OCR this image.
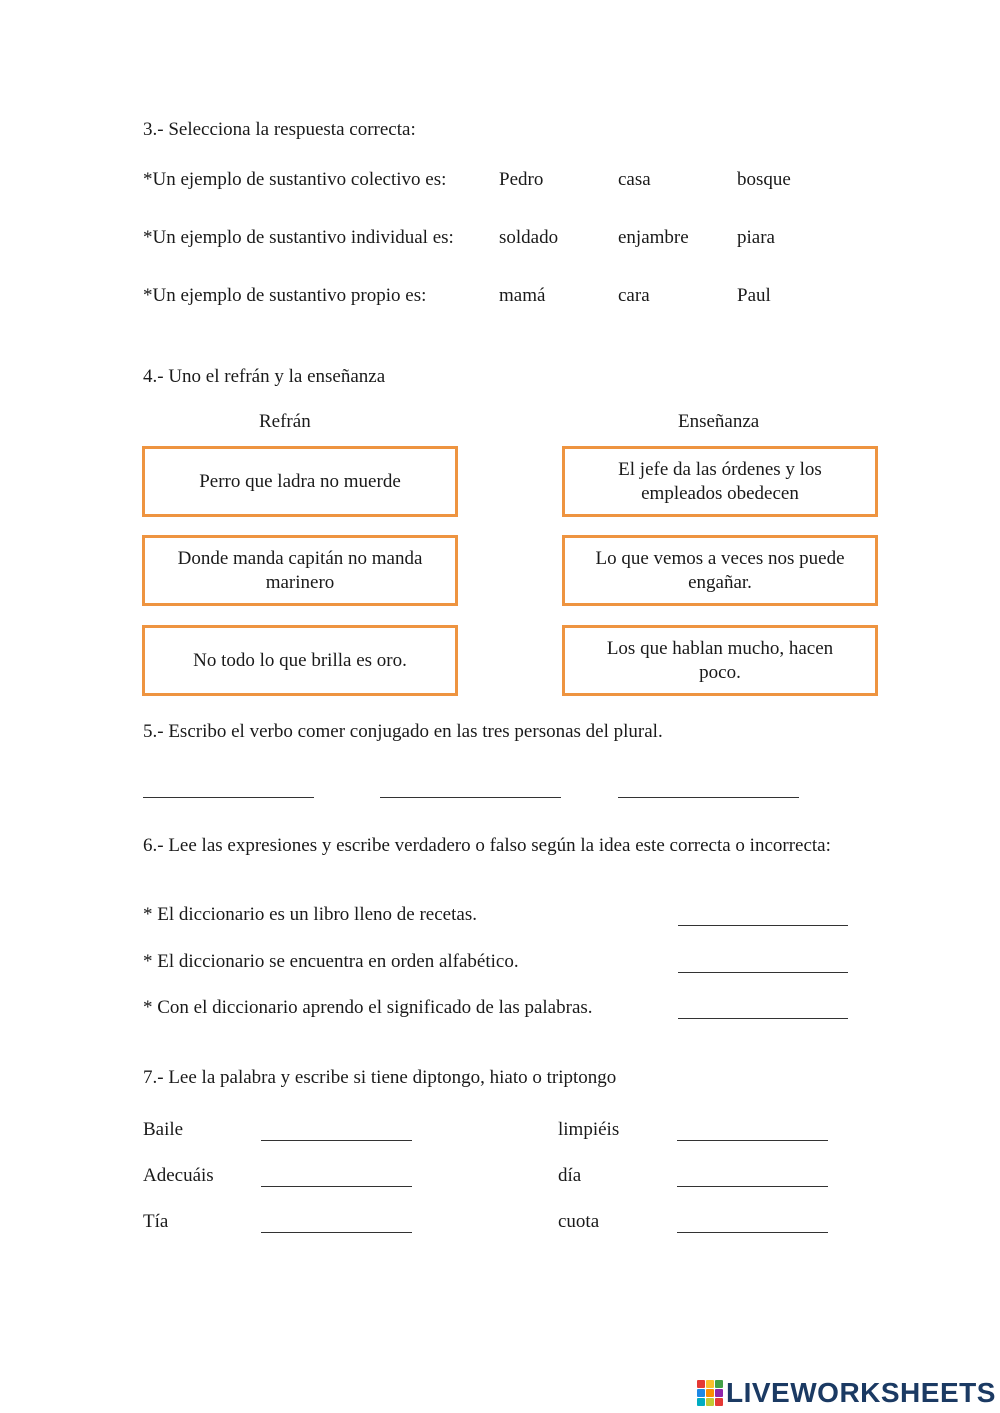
3.- Selecciona la respuesta correcta:
*Un ejemplo de sustantivo colectivo es:	Pedro	casa	bosque
*Un ejemplo de sustantivo individual es: soldado	enjambre	piara
*Un ejemplo de sustantivo propio es:	mamá	cara	Paul
4.- Uno el refrán y la enseñanza
Refrán	Enseñanza
Perro que ladra no muerde
Donde manda capitán no manda marinero
No todo lo que brilla es oro.
El jefe da las órdenes y los empleados obedecen
Lo que vemos a veces nos puede engañar.
Los que hablan mucho, hacen poco.
5.- Escribo el verbo comer conjugado en las tres personas del plural.
6.- Lee las expresiones y escribe verdadero o falso según la idea este correcta o incorrecta:
* El diccionario es un libro lleno de recetas.
* El diccionario se encuentra en orden alfabético.
* Con el diccionario aprendo el significado de las palabras.
7.- Lee la palabra y escribe si tiene diptongo, hiato o triptongo
Baile	limpiéis
Adecuáis	día
Tía	cuota
LIVEWORKSHEETS
